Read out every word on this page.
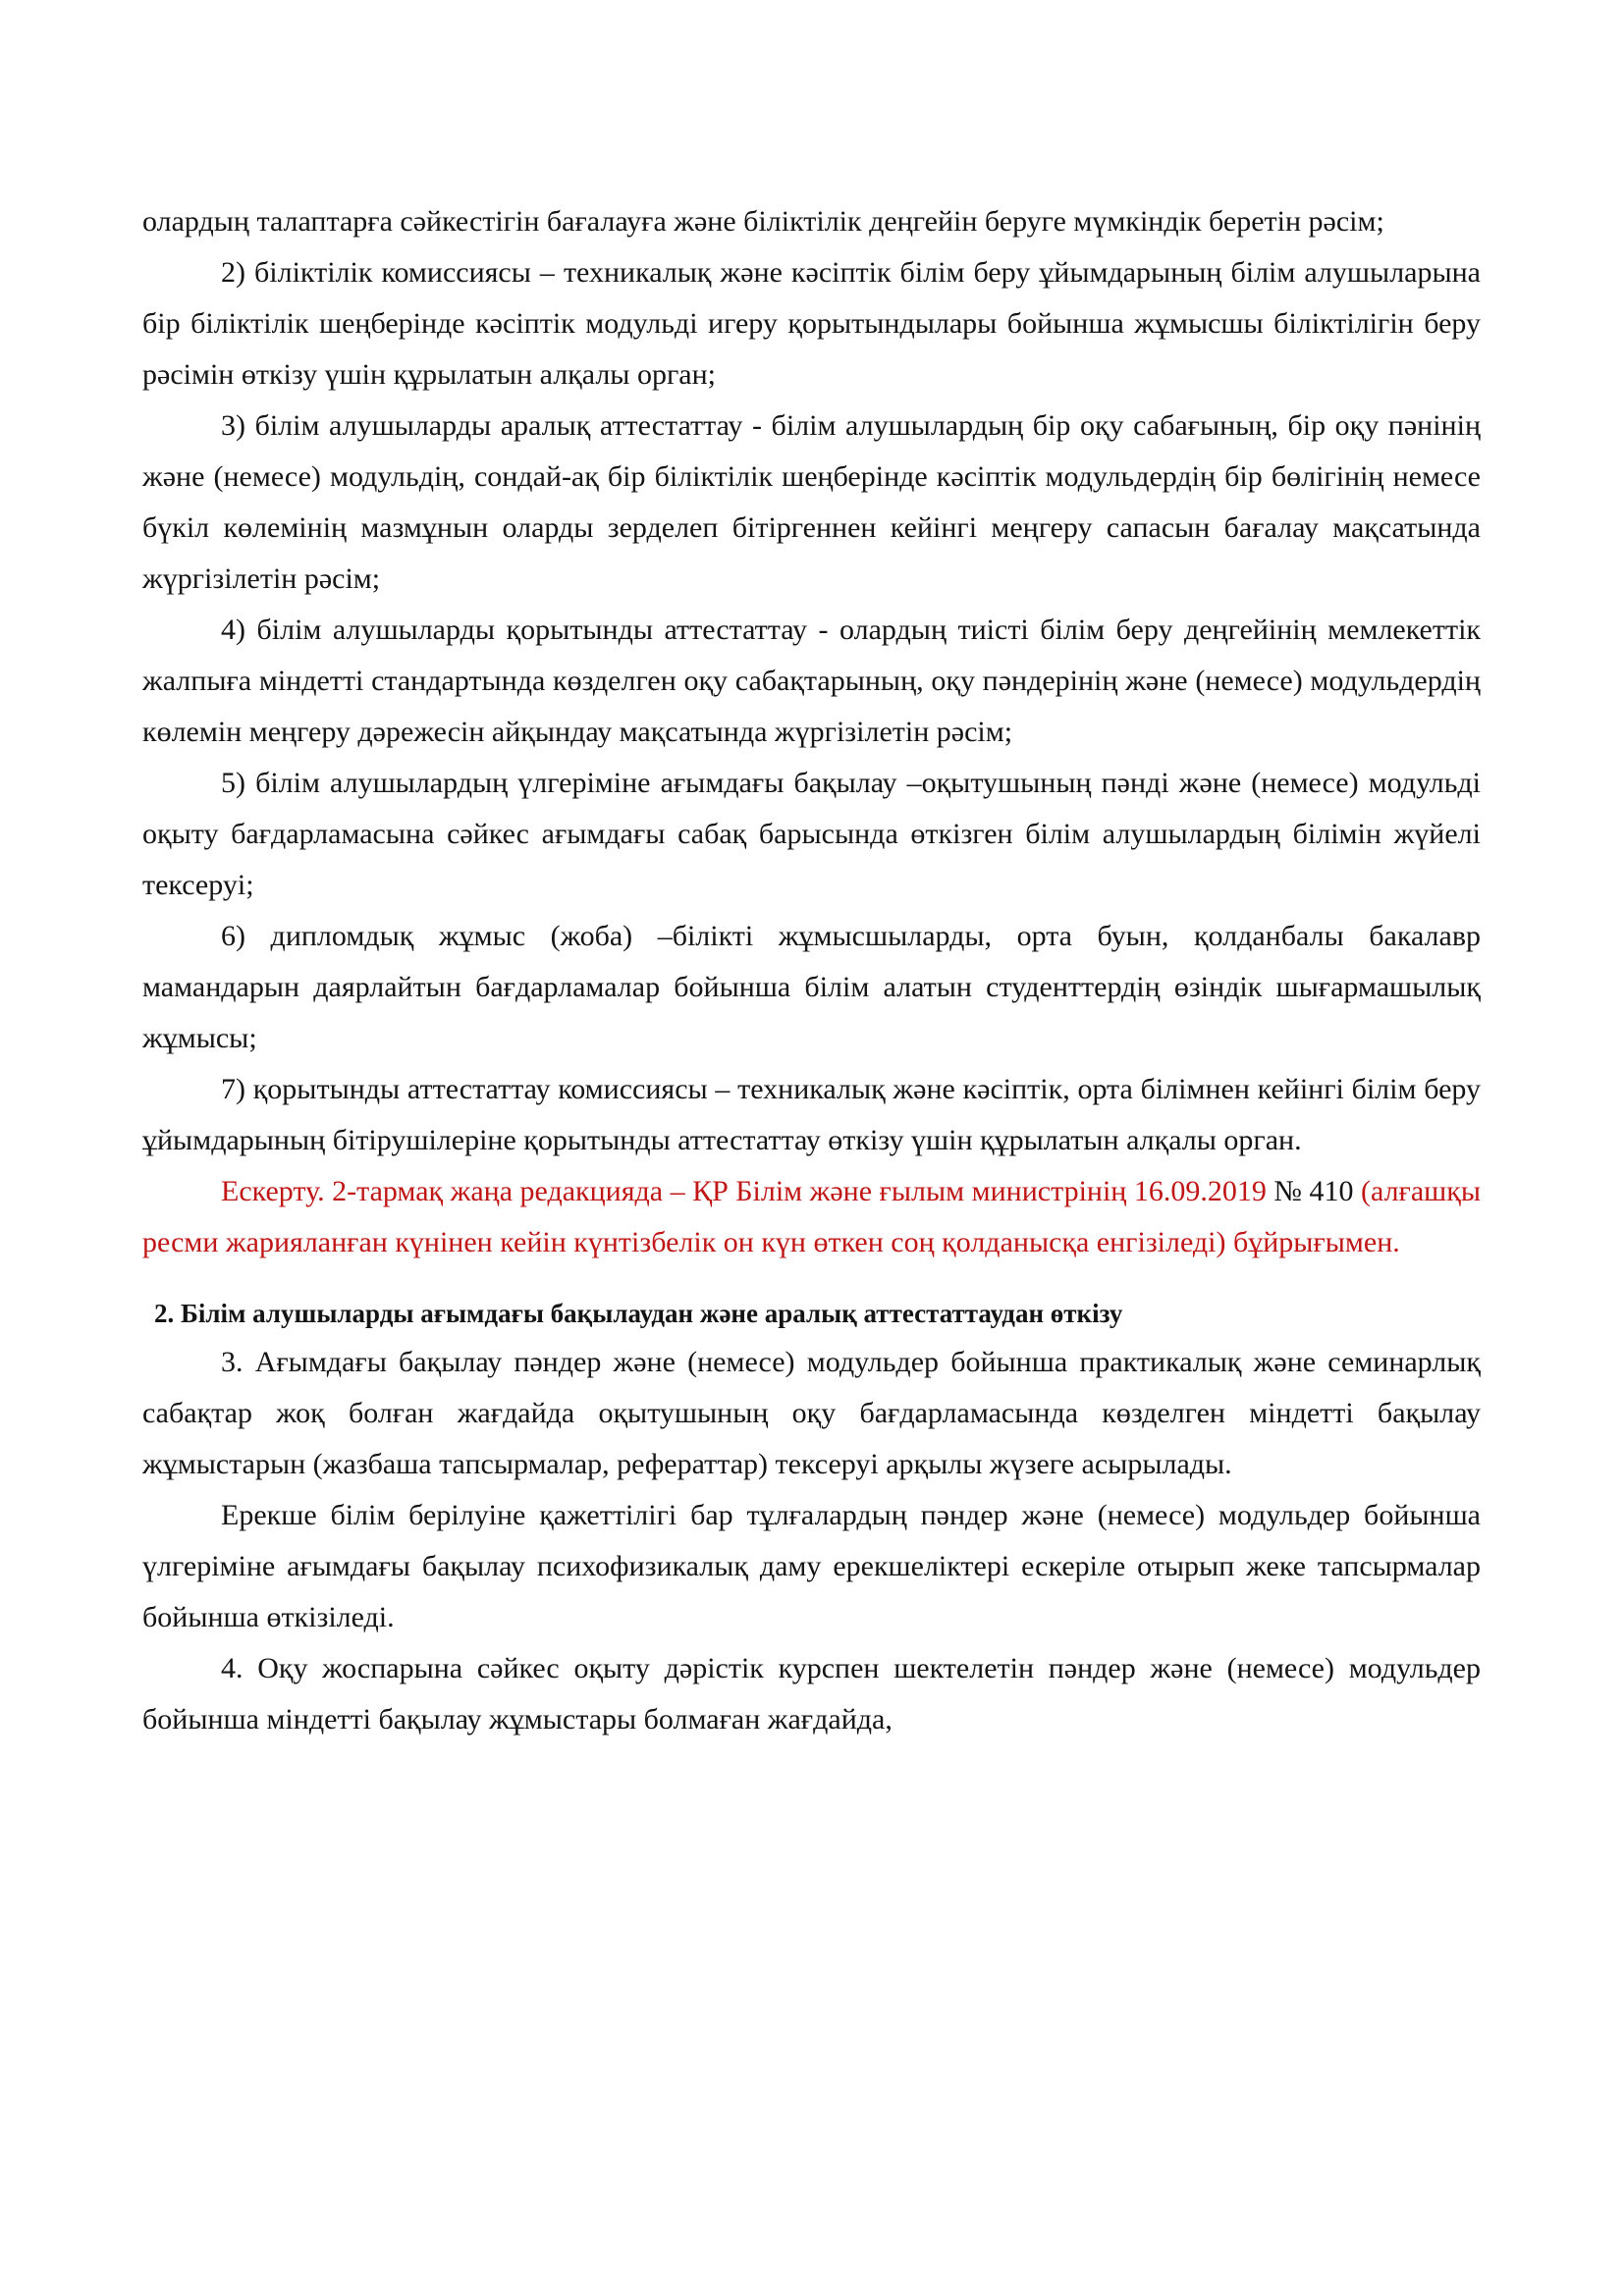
олардың талаптарға сәйкестігін бағалауға және біліктілік деңгейін беруге мүмкіндік беретін рәсім;

2) біліктілік комиссиясы – техникалық және кәсіптік білім беру ұйымдарының білім алушыларына бір біліктілік шеңберінде кәсіптік модульді игеру қорытындылары бойынша жұмысшы біліктілігін беру рәсімін өткізу үшін құрылатын алқалы орган;

3) білім алушыларды аралық аттестаттау - білім алушылардың бір оқу сабағының, бір оқу пәнінің және (немесе) модульдің, сондай-ақ бір біліктілік шеңберінде кәсіптік модульдердің бір бөлігінің немесе бүкіл көлемінің мазмұнын оларды зерделеп бітіргеннен кейінгі меңгеру сапасын бағалау мақсатында жүргізілетін рәсім;

4) білім алушыларды қорытынды аттестаттау - олардың тиісті білім беру деңгейінің мемлекеттік жалпыға міндетті стандартында көзделген оқу сабақтарының, оқу пәндерінің және (немесе) модульдердің көлемін меңгеру дәрежесін айқындау мақсатында жүргізілетін рәсім;

5) білім алушылардың үлгеріміне ағымдағы бақылау –оқытушының пәнді және (немесе) модульді оқыту бағдарламасына сәйкес ағымдағы сабақ барысында өткізген білім алушылардың білімін жүйелі тексеруі;

6) дипломдық жұмыс (жоба) –білікті жұмысшыларды, орта буын, қолданбалы бакалавр мамандарын даярлайтын бағдарламалар бойынша білім алатын студенттердің өзіндік шығармашылық жұмысы;

7) қорытынды аттестаттау комиссиясы – техникалық және кәсіптік, орта білімнен кейінгі білім беру ұйымдарының бітірушілеріне қорытынды аттестаттау өткізу үшін құрылатын алқалы орган.

Ескерту. 2-тармақ жаңа редакцияда – ҚР Білім және ғылым министрінің 16.09.2019 № 410 (алғашқы ресми жарияланған күнінен кейін күнтізбелік он күн өткен соң қолданысқа енгізіледі) бұйрығымен.

2. Білім алушыларды ағымдағы бақылаудан және аралық аттестаттаудан өткізу

3. Ағымдағы бақылау пәндер және (немесе) модульдер бойынша практикалық және семинарлық сабақтар жоқ болған жағдайда оқытушының оқу бағдарламасында көзделген міндетті бақылау жұмыстарын (жазбаша тапсырмалар, рефераттар) тексеруі арқылы жүзеге асырылады.

Ерекше білім берілуіне қажеттілігі бар тұлғалардың пәндер және (немесе) модульдер бойынша үлгеріміне ағымдағы бақылау психофизикалық даму ерекшеліктері ескеріле отырып жеке тапсырмалар бойынша өткізіледі.

4. Оқу жоспарына сәйкес оқыту дәрістік курспен шектелетін пәндер және (немесе) модульдер бойынша міндетті бақылау жұмыстары болмаған жағдайда,
